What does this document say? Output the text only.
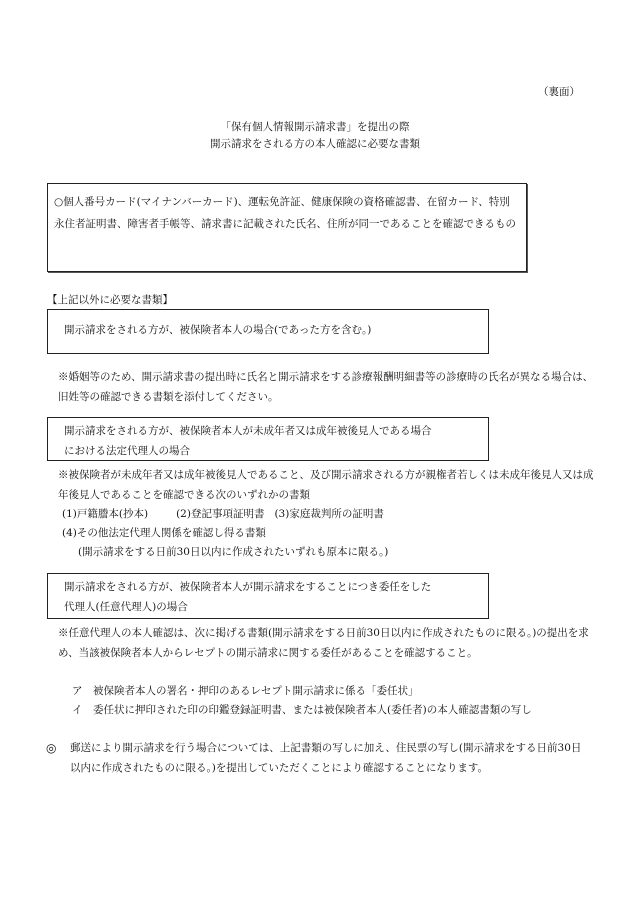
（裏面）
「保有個人情報開示請求書」を提出の際
開示請求をされる方の本人確認に必要な書類
○個人番号カード(マイナンバーカード)、運転免許証、健康保険の資格確認書、在留カード、特別永住者証明書、障害者手帳等、請求書に記載された氏名、住所が同一であることを確認できるもの
【上記以外に必要な書類】
開示請求をされる方が、被保険者本人の場合(であった方を含む。)
※婚姻等のため、開示請求書の提出時に氏名と開示請求をする診療報酬明細書等の診療時の氏名が異なる場合は、旧姓等の確認できる書類を添付してください。
開示請求をされる方が、被保険者本人が未成年者又は成年被後見人である場合
における法定代理人の場合
※被保険者が未成年者又は成年被後見人であること、及び開示請求される方が親権者若しくは未成年後見人又は成年後見人であることを確認できる次のいずれかの書類
(1)戸籍謄本(抄本)	(2)登記事項証明書 (3)家庭裁判所の証明書
(4)その他法定代理人関係を確認し得る書類
(開示請求をする日前30日以内に作成されたいずれも原本に限る。)
開示請求をされる方が、被保険者本人が開示請求をすることにつき委任をした
代理人(任意代理人)の場合
※任意代理人の本人確認は、次に掲げる書類(開示請求をする日前30日以内に作成されたものに限る。)の提出を求め、当該被保険者本人からレセプトの開示請求に関する委任があることを確認すること。
ア　被保険者本人の署名・押印のあるレセプト開示請求に係る「委任状」
イ　委任状に押印された印の印鑑登録証明書、または被保険者本人(委任者)の本人確認書類の写し
◎ 郵送により開示請求を行う場合については、上記書類の写しに加え、住民票の写し(開示請求をする日前30日以内に作成されたものに限る。)を提出していただくことにより確認することになります。
